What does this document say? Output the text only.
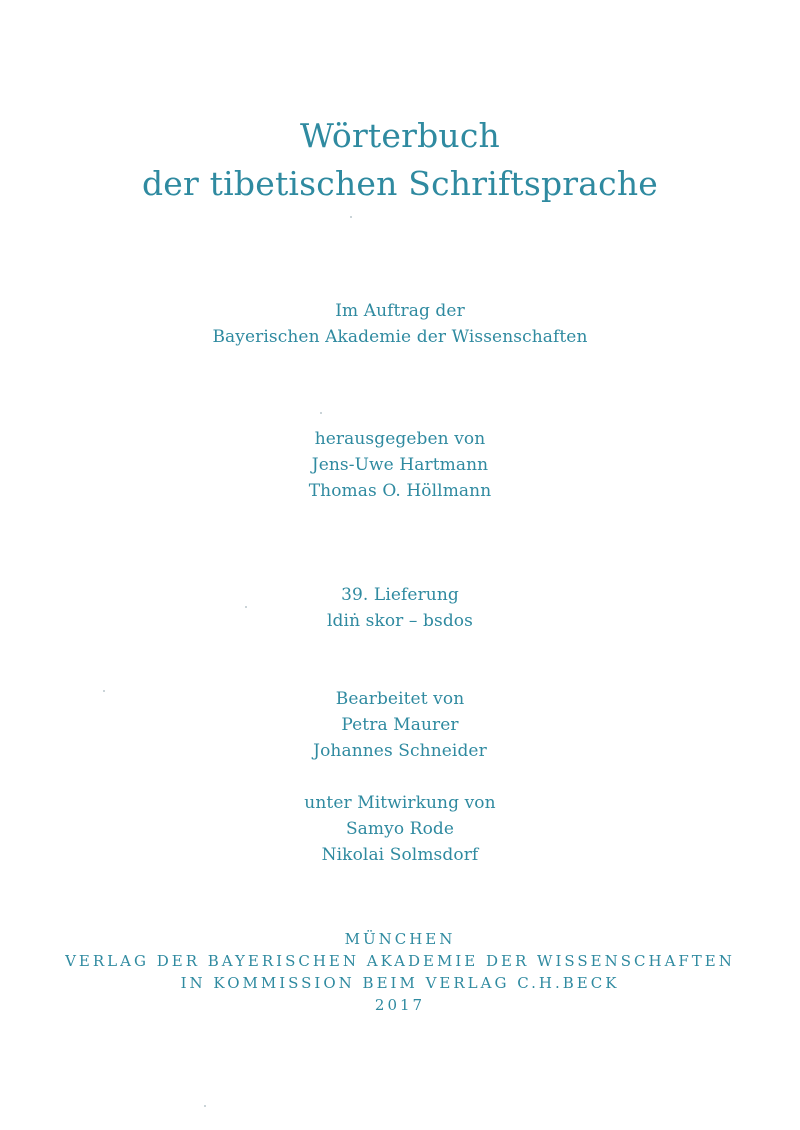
Wörterbuch
der tibetischen Schriftsprache
Im Auftrag der
Bayerischen Akademie der Wissenschaften
herausgegeben von
Jens-Uwe Hartmann
Thomas O. Höllmann
39. Lieferung
ldiṅ skor – bsdos
Bearbeitet von
Petra Maurer
Johannes Schneider
unter Mitwirkung von
Samyo Rode
Nikolai Solmsdorf
MÜNCHEN
VERLAG DER BAYERISCHEN AKADEMIE DER WISSENSCHAFTEN
IN KOMMISSION BEIM VERLAG C.H.BECK
2017
